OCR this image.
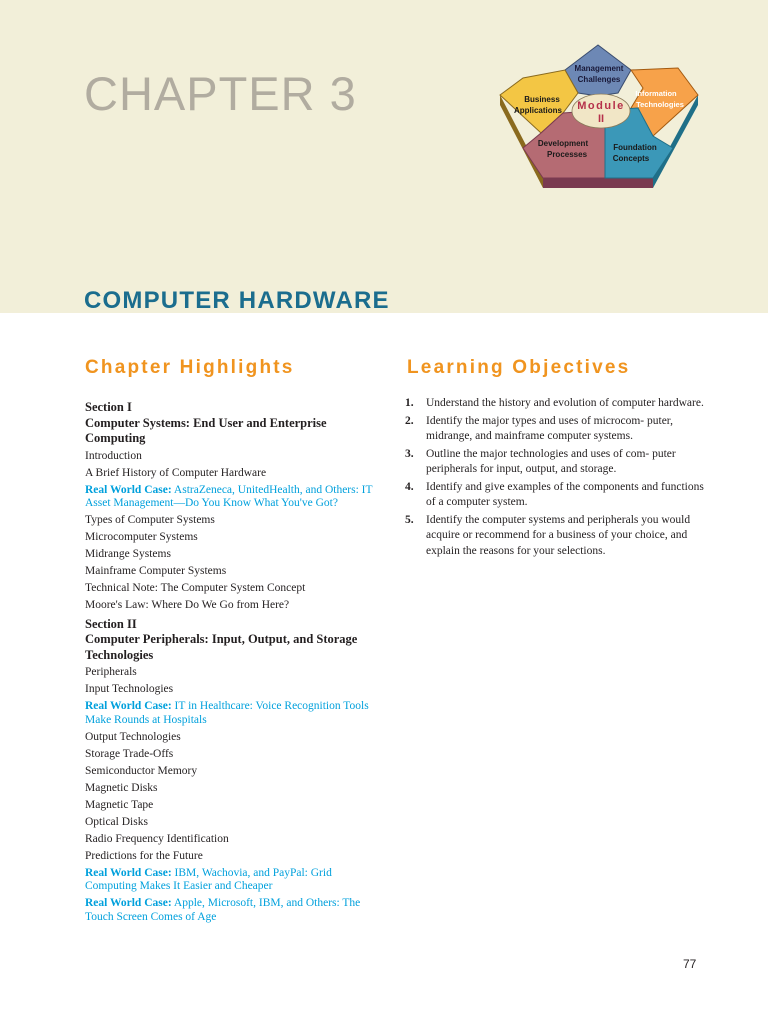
CHAPTER 3	Management
Challenges
Information
Technologies
Business
Applications
Development
Processes
Foundation
Concepts
Module
II
COMPUTER HARDWARE
Chapter Highlights	Learning Objectives
Section I
Computer Systems: End User and Enterprise Computing
Introduction
A Brief History of Computer Hardware
Real World Case: AstraZeneca, UnitedHealth, and Others: IT Asset Management—Do You Know What You've Got?
Types of Computer Systems
Microcomputer Systems
Midrange Systems
Mainframe Computer Systems
Technical Note: The Computer System Concept
Moore's Law: Where Do We Go from Here?
Section II
Computer Peripherals: Input, Output, and Storage Technologies
Peripherals
Input Technologies
Real World Case: IT in Healthcare: Voice Recognition Tools Make Rounds at Hospitals
Output Technologies
Storage Trade-Offs
Semiconductor Memory
Magnetic Disks
Magnetic Tape
Optical Disks
Radio Frequency Identification
Predictions for the Future
Real World Case: IBM, Wachovia, and PayPal: Grid Computing Makes It Easier and Cheaper
Real World Case: Apple, Microsoft, IBM, and Others: The Touch Screen Comes of Age
1. Understand the history and evolution of computer hardware.
2. Identify the major types and uses of microcom- puter, midrange, and mainframe computer systems.
3. Outline the major technologies and uses of com- puter peripherals for input, output, and storage.
4. Identify and give examples of the components and functions of a computer system.
5. Identify the computer systems and peripherals you would acquire or recommend for a business of your choice, and explain the reasons for your selections.
77
